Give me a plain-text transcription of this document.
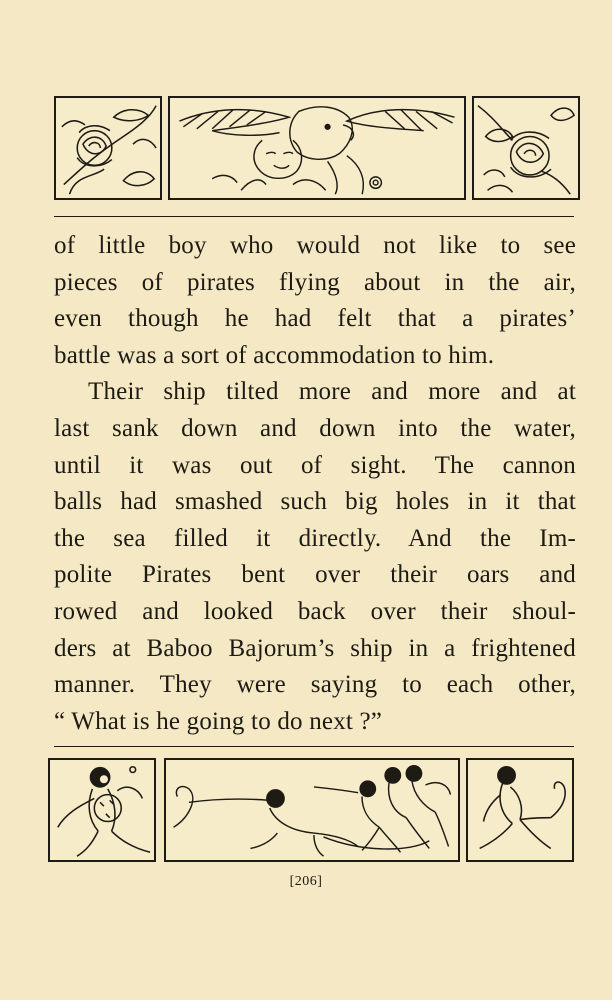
of little boy who would not like to see
pieces of pirates flying about in the air,
even though he had felt that a pirates’
battle was a sort of accommodation to him.
Their ship tilted more and more and at
last sank down and down into the water,
until it was out of sight. The cannon
balls had smashed such big holes in it that
the sea filled it directly. And the Im-
polite Pirates bent over their oars and
rowed and looked back over their shoul-
ders at Baboo Bajorum’s ship in a frightened
manner. They were saying to each other,
“ What is he going to do next ?”
[206]
